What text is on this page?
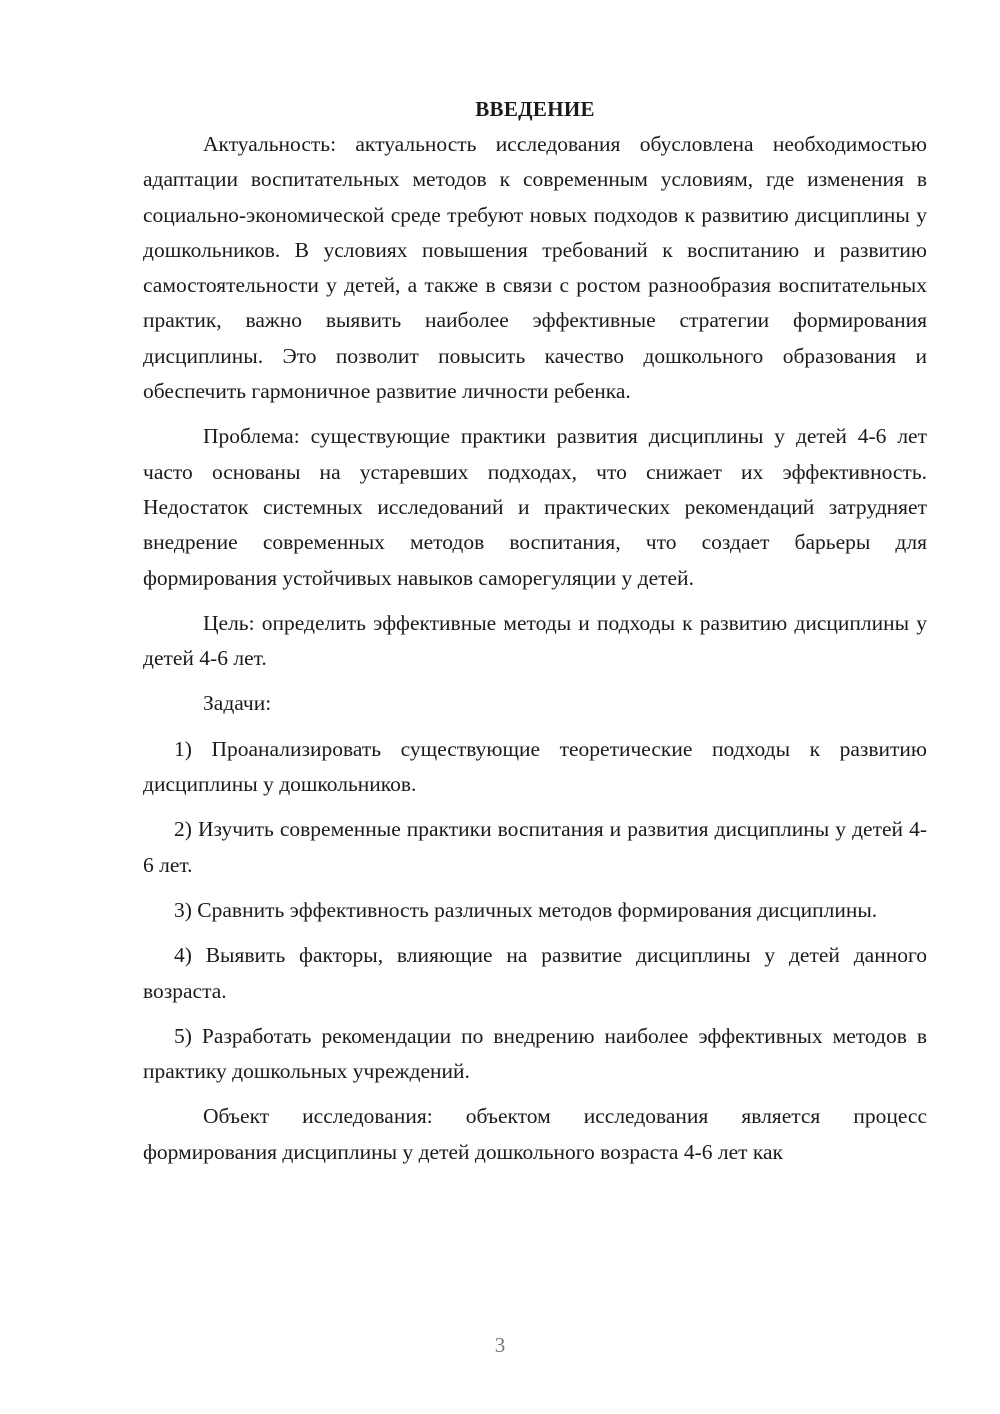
ВВЕДЕНИЕ

Актуальность: актуальность исследования обусловлена необходимостью адаптации воспитательных методов к современным условиям, где изменения в социально-экономической среде требуют новых подходов к развитию дисциплины у дошкольников. В условиях повышения требований к воспитанию и развитию самостоятельности у детей, а также в связи с ростом разнообразия воспитательных практик, важно выявить наиболее эффективные стратегии формирования дисциплины. Это позволит повысить качество дошкольного образования и обеспечить гармоничное развитие личности ребенка.

Проблема: существующие практики развития дисциплины у детей 4-6 лет часто основаны на устаревших подходах, что снижает их эффективность. Недостаток системных исследований и практических рекомендаций затрудняет внедрение современных методов воспитания, что создает барьеры для формирования устойчивых навыков саморегуляции у детей.

Цель: определить эффективные методы и подходы к развитию дисциплины у детей 4-6 лет.

Задачи:

1) Проанализировать существующие теоретические подходы к развитию дисциплины у дошкольников.

2) Изучить современные практики воспитания и развития дисциплины у детей 4-6 лет.

3) Сравнить эффективность различных методов формирования дисциплины.

4) Выявить факторы, влияющие на развитие дисциплины у детей данного возраста.

5) Разработать рекомендации по внедрению наиболее эффективных методов в практику дошкольных учреждений.

Объект исследования: объектом исследования является процесс формирования дисциплины у детей дошкольного возраста 4-6 лет как

3
